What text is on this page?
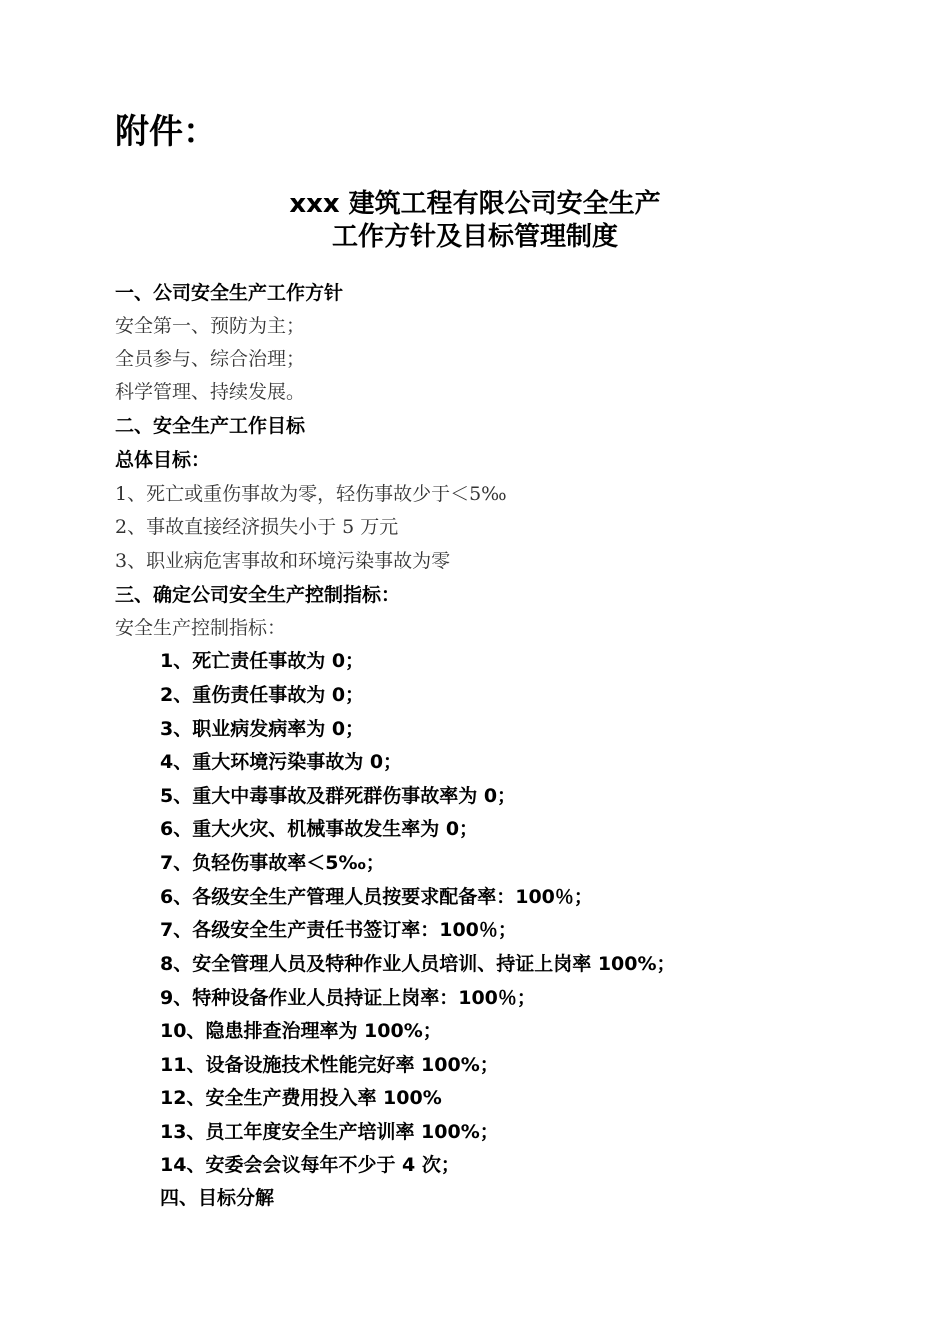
附件：
xxx 建筑工程有限公司安全生产
工作方针及目标管理制度
一、公司安全生产工作方针
安全第一、预防为主；
全员参与、综合治理；
科学管理、持续发展。
二、安全生产工作目标
总体目标：
1、死亡或重伤事故为零，轻伤事故少于＜5‰
2、事故直接经济损失小于 5 万元
3、职业病危害事故和环境污染事故为零
三、确定公司安全生产控制指标：
安全生产控制指标：
1、死亡责任事故为 0；
2、重伤责任事故为 0；
3、职业病发病率为 0；
4、重大环境污染事故为 0；
5、重大中毒事故及群死群伤事故率为 0；
6、重大火灾、机械事故发生率为 0；
7、负轻伤事故率＜5‰；
6、各级安全生产管理人员按要求配备率：100％；
7、各级安全生产责任书签订率：100％；
8、安全管理人员及特种作业人员培训、持证上岗率 100%；
9、特种设备作业人员持证上岗率：100％；
10、隐患排查治理率为 100%；
11、设备设施技术性能完好率 100%；
12、安全生产费用投入率 100%
13、员工年度安全生产培训率 100%；
14、安委会会议每年不少于 4 次；
四、目标分解
